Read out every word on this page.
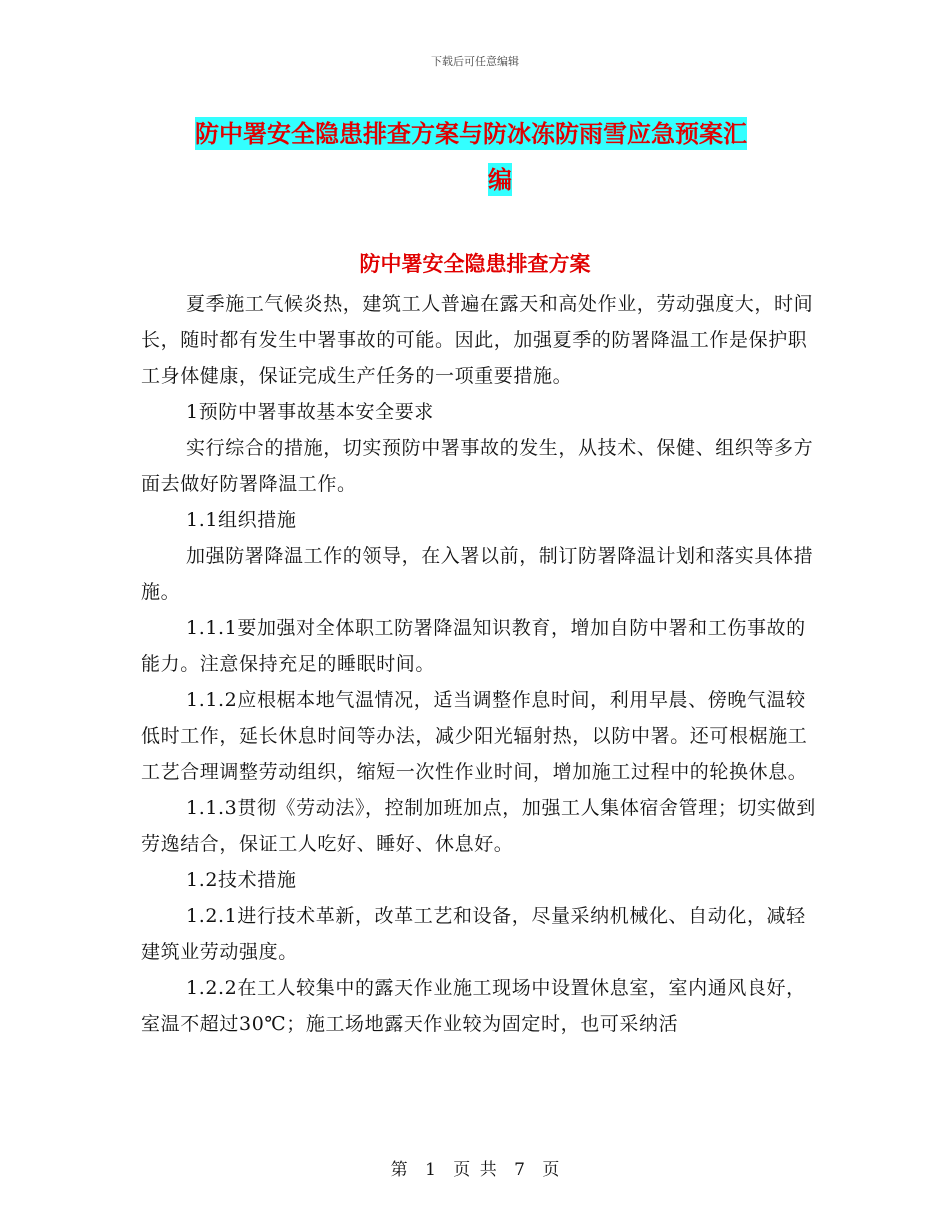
下载后可任意编辑
防中署安全隐患排查方案与防冰冻防雨雪应急预案汇
编
防中署安全隐患排查方案

夏季施工气候炎热，建筑工人普遍在露天和高处作业，劳动强度大，时间长，随时都有发生中署事故的可能。因此，加强夏季的防署降温工作是保护职工身体健康，保证完成生产任务的一项重要措施。

1预防中署事故基本安全要求

实行综合的措施，切实预防中署事故的发生，从技术、保健、组织等多方面去做好防署降温工作。

1.1组织措施

加强防署降温工作的领导，在入署以前，制订防署降温计划和落实具体措施。

1.1.1要加强对全体职工防署降温知识教育，增加自防中署和工伤事故的能力。注意保持充足的睡眠时间。

1.1.2应根椐本地气温情况，适当调整作息时间，利用早晨、傍晚气温较低时工作，延长休息时间等办法，减少阳光辐射热，以防中署。还可根椐施工工艺合理调整劳动组织，缩短一次性作业时间，增加施工过程中的轮换休息。

1.1.3贯彻《劳动法》，控制加班加点，加强工人集体宿舍管理；切实做到劳逸结合，保证工人吃好、睡好、休息好。

1.2技术措施

1.2.1进行技术革新，改革工艺和设备，尽量采纳机械化、自动化，减轻建筑业劳动强度。

1.2.2在工人较集中的露天作业施工现场中设置休息室，室内通风良好，室温不超过30℃；施工场地露天作业较为固定时，也可采纳活

第 1 页 共 7 页
